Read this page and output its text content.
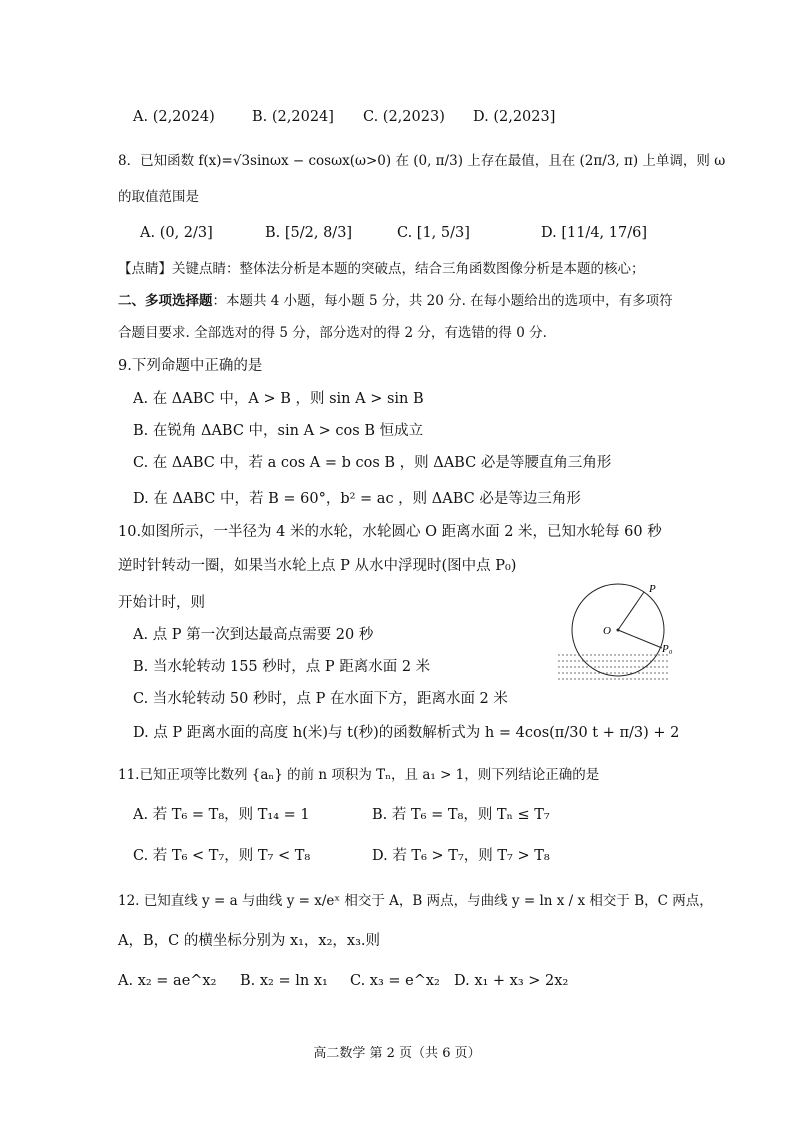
A. (2,2024)	B. (2,2024] C. (2,2023) D. (2,2023]
8．已知函数 f(x)=√3sinωx − cosωx(ω>0) 在 (0, π/3) 上存在最值，且在 (2π/3, π) 上单调，则 ω
的取值范围是
A. (0, 2/3]	B. [5/2, 8/3]	C. [1, 5/3]	D. [11/4, 17/6]
【点睛】关键点睛：整体法分析是本题的突破点，结合三角函数图像分析是本题的核心；
二、多项选择题：本题共 4 小题，每小题 5 分，共 20 分. 在每小题给出的选项中，有多项符
合题目要求. 全部选对的得 5 分，部分选对的得 2 分，有选错的得 0 分.
9.下列命题中正确的是
A. 在 ΔABC 中，A > B ，则 sin A > sin B
B. 在锐角 ΔABC 中，sin A > cos B 恒成立
C. 在 ΔABC 中，若 a cos A = b cos B ，则 ΔABC 必是等腰直角三角形
D. 在 ΔABC 中，若 B = 60°，b² = ac ，则 ΔABC 必是等边三角形
10.如图所示，一半径为 4 米的水轮，水轮圆心 O 距离水面 2 米，已知水轮每 60 秒
逆时针转动一圈，如果当水轮上点 P 从水中浮现时(图中点 P₀)
开始计时，则
A. 点 P 第一次到达最高点需要 20 秒
B. 当水轮转动 155 秒时，点 P 距离水面 2 米
C. 当水轮转动 50 秒时，点 P 在水面下方，距离水面 2 米
D. 点 P 距离水面的高度 h(米)与 t(秒)的函数解析式为 h = 4cos(π/30 t + π/3) + 2
P
O
P₀
11.已知正项等比数列 {aₙ} 的前 n 项积为 Tₙ，且 a₁ > 1，则下列结论正确的是
A. 若 T₆ = T₈，则 T₁₄ = 1	B. 若 T₆ = T₈，则 Tₙ ≤ T₇
C. 若 T₆ < T₇，则 T₇ < T₈	D. 若 T₆ > T₇，则 T₇ > T₈
12. 已知直线 y = a 与曲线 y = x/eˣ 相交于 A，B 两点，与曲线 y = ln x / x 相交于 B，C 两点，
A，B，C 的横坐标分别为 x₁，x₂，x₃.则
A. x₂ = ae^x₂ B. x₂ = ln x₁ C. x₃ = e^x₂ D. x₁ + x₃ > 2x₂
高二数学 第 2 页（共 6 页）
